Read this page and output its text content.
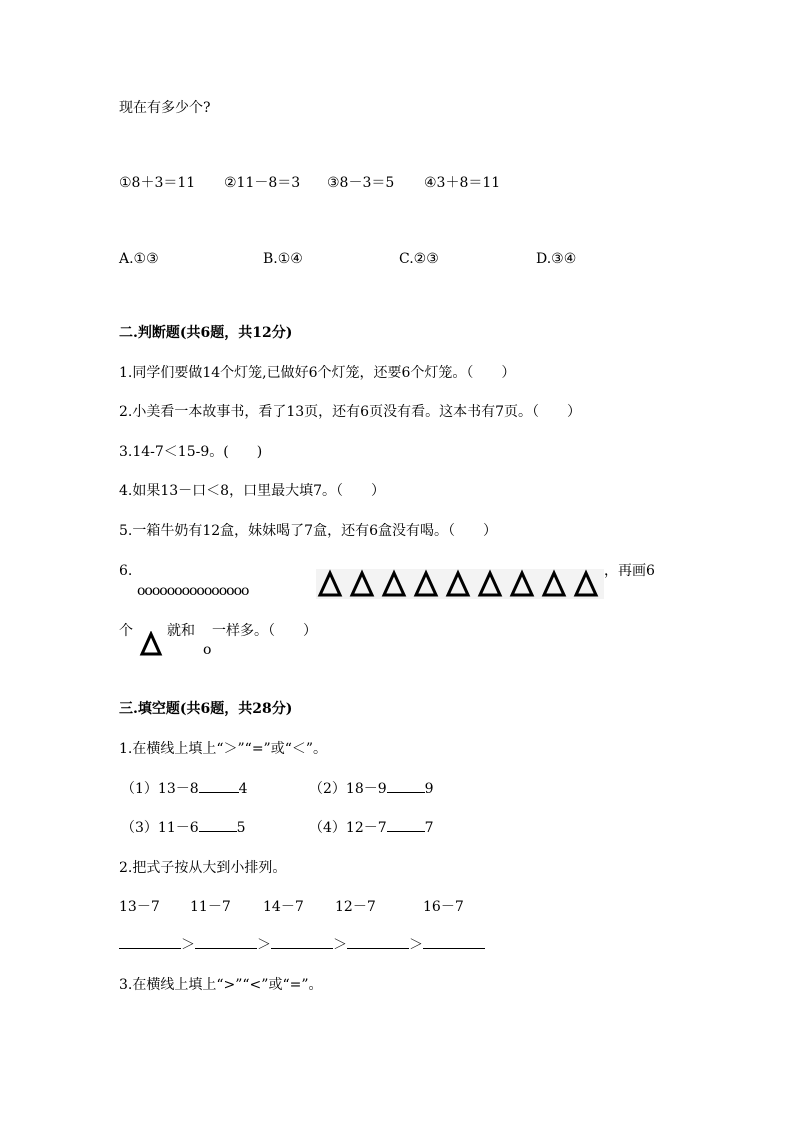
现在有多少个?
①8＋3＝11 ②11－8＝3 ③8－3＝5 ④3＋8＝11
A.①③	B.①④	C.②③	D.③④
二.判断题(共6题，共12分)
1.同学们要做14个灯笼,已做好6个灯笼，还要6个灯笼。（　　）
2.小美看一本故事书，看了13页，还有6页没有看。这本书有7页。（　　）
3.14-7＜15-9。(　　)
4.如果13－口＜8，口里最大填7。（　　）
5.一箱牛奶有12盒，妹妹喝了7盒，还有6盒没有喝。（　　）
6.
ooooooooooooooo
，再画6
个 就和
o
一样多。（　　）
三.填空题(共6题，共28分)
1.在横线上填上“＞”“=”或“＜”。
（1）13－8	4	（2）18－9	9
（3）11－6	5	（4）12－7	7
2.把式子按从大到小排列。
13－7 11－7 14－7 12－7	16－7
＞	＞	＞	＞
3.在横线上填上“>”“<”或“=”。
